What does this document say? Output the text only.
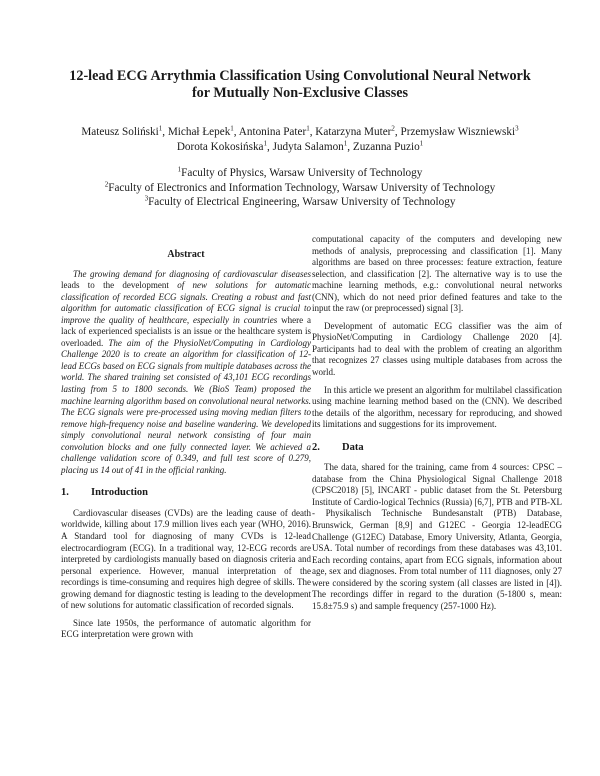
12-lead ECG Arrythmia Classification Using Convolutional Neural Network for Mutually Non-Exclusive Classes
Mateusz Soliński$^1$, Michał Łepek$^1$, Antonina Pater$^1$, Katarzyna Muter$^2$, Przemysław Wiszniewski$^3$
Dorota Kokosińska$^1$, Judyta Salamon$^1$, Zuzanna Puzio$^1$
$^1$Faculty of Physics, Warsaw University of Technology
$^2$Faculty of Electronics and Information Technology, Warsaw University of Technology
$^3$Faculty of Electrical Engineering, Warsaw University of Technology
Abstract

The growing demand for diagnosing of cardiovascular diseases leads to the development of new solutions for automatic classification of recorded ECG signals. Creating a robust and fast algorithm for automatic classification of ECG signal is crucial to improve the quality of healthcare, especially in countries where a lack of experienced specialists is an issue or the healthcare system is overloaded. The aim of the PhysioNet/Computing in Cardiology Challenge 2020 is to create an algorithm for classification of 12-lead ECGs based on ECG signals from multiple databases across the world. The shared training set consisted of 43,101 ECG recordings lasting from 5 to 1800 seconds. We (BioS Team) proposed the machine learning algorithm based on convolutional neural networks. The ECG signals were pre-processed using moving median filters to remove high-frequency noise and baseline wandering. We developed simply convolutional neural network consisting of four main convolution blocks and one fully connected layer. We achieved a challenge validation score of 0.349, and full test score of 0.279, placing us 14 out of 41 in the official ranking.

1.	Introduction

Cardiovascular diseases (CVDs) are the leading cause of death worldwide, killing about 17.9 million lives each year (WHO, 2016). A Standard tool for diagnosing of many CVDs is 12-lead electrocardiogram (ECG). In a traditional way, 12-ECG records are interpreted by cardiologists manually based on diagnosis criteria and personal experience. However, manual interpretation of the recordings is time-consuming and requires high degree of skills. The growing demand for diagnostic testing is leading to the development of new solutions for automatic classification of recorded signals.

Since late 1950s, the performance of automatic algorithm for ECG interpretation were grown with

computational capacity of the computers and developing new methods of analysis, preprocessing and classification [1]. Many algorithms are based on three processes: feature extraction, feature selection, and classification [2]. The alternative way is to use the machine learning methods, e.g.: convolutional neural networks (CNN), which do not need prior defined features and take to the input the raw (or preprocessed) signal [3].

Development of automatic ECG classifier was the aim of PhysioNet/Computing in Cardiology Challenge 2020 [4]. Participants had to deal with the problem of creating an algorithm that recognizes 27 classes using multiple databases from across the world.

In this article we present an algorithm for multilabel classification using machine learning method based on the (CNN). We described the details of the algorithm, necessary for reproducing, and showed its limitations and suggestions for its improvement.

2.	Data

The data, shared for the training, came from 4 sources: CPSC – database from the China Physiological Signal Challenge 2018 (CPSC2018) [5], INCART - public dataset from the St. Petersburg Institute of Cardio-logical Technics (Russia) [6,7], PTB and PTB-XL - Physikalisch Technische Bundesanstalt (PTB) Database, Brunswick, German [8,9] and G12EC - Georgia 12-leadECG Challenge (G12EC) Database, Emory University, Atlanta, Georgia, USA. Total number of recordings from these databases was 43,101. Each recording contains, apart from ECG signals, information about age, sex and diagnoses. From total number of 111 diagnoses, only 27 were considered by the scoring system (all classes are listed in [4]). The recordings differ in regard to the duration (5-1800 s, mean: 15.8±75.9 s) and sample frequency (257-1000 Hz).
